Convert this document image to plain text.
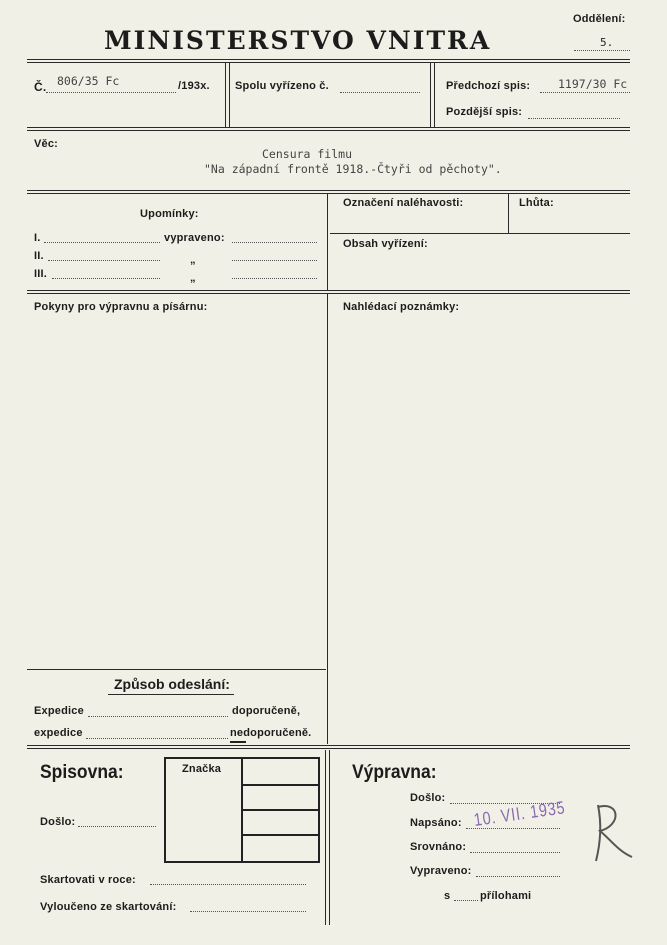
MINISTERSTVO VNITRA
Oddělení:
5.
Č. 806/35 Fc	/193x. Spolu vyřízeno č.	Předchozí spis: 1197/30 Fc
Pozdější spis:
Věc:
Censura filmu
"Na západní frontě 1918.-Čtyři od pěchoty".
Upomínky:
I.	vypraveno:
II.	„
III.	„
Označení naléhavosti:	Lhůta:
Obsah vyřízení:
Pokyny pro výpravnu a písárnu:	Nahlédací poznámky:
Způsob odeslání:
Expedice	doporučeně,
expedice	nedoporučeně.
Spisovna:
Došlo:
Značka
Skartovati v roce:
Vyloučeno ze skartování:
Výpravna:
Došlo:
Napsáno: 10. VII. 1935
Srovnáno:
Vypraveno:
s	přílohami
